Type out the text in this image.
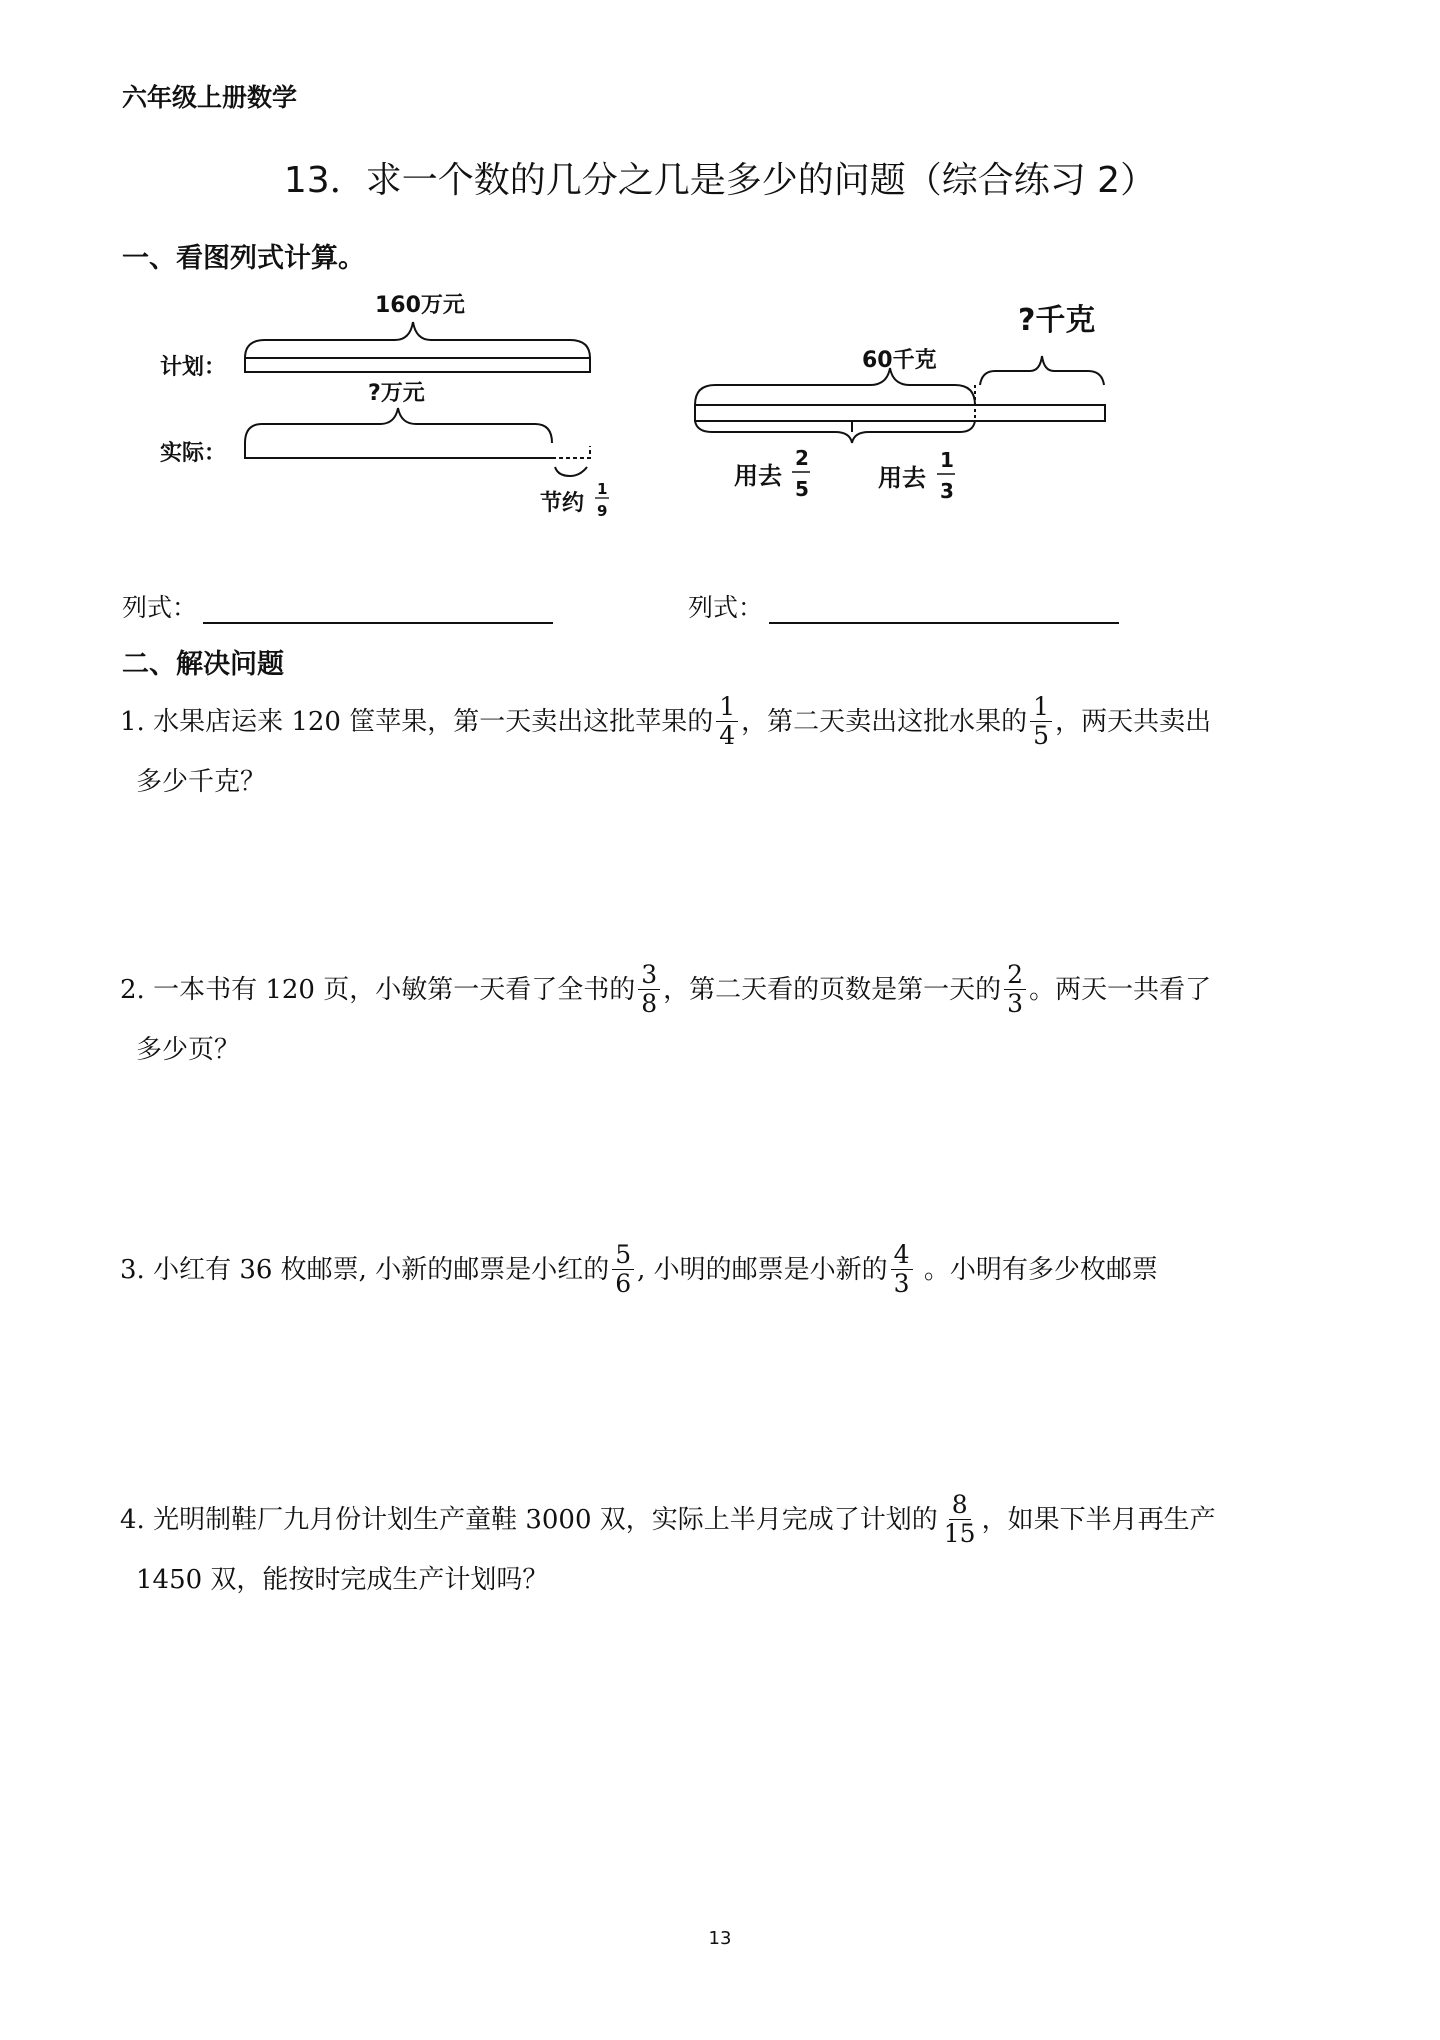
六年级上册数学
13．求一个数的几分之几是多少的问题（综合练习 2）
一、看图列式计算。
160万元
计划：
?万元
实际：
节约
1
9
?千克
60千克
用去
2
5	用去
1
3
列式：	列式：
二、解决问题
1. 水果店运来 120 筐苹果，第一天卖出这批苹果的 $\frac{1}{4}$ ，第二天卖出这批水果的 $\frac{1}{5}$ ，两天共卖出
多少千克？
2. 一本书有 120 页，小敏第一天看了全书的 $\frac{3}{8}$ ，第二天看的页数是第一天的 $\frac{2}{3}$ 。两天一共看了
多少页？
3. 小红有 36 枚邮票, 小新的邮票是小红的 $\frac{5}{6}$ , 小明的邮票是小新的 $\frac{4}{3}$ 。小明有多少枚邮票
4. 光明制鞋厂九月份计划生产童鞋 3000 双，实际上半月完成了计划的 $\frac{8}{15}$ ，如果下半月再生产
1450 双，能按时完成生产计划吗？
13
